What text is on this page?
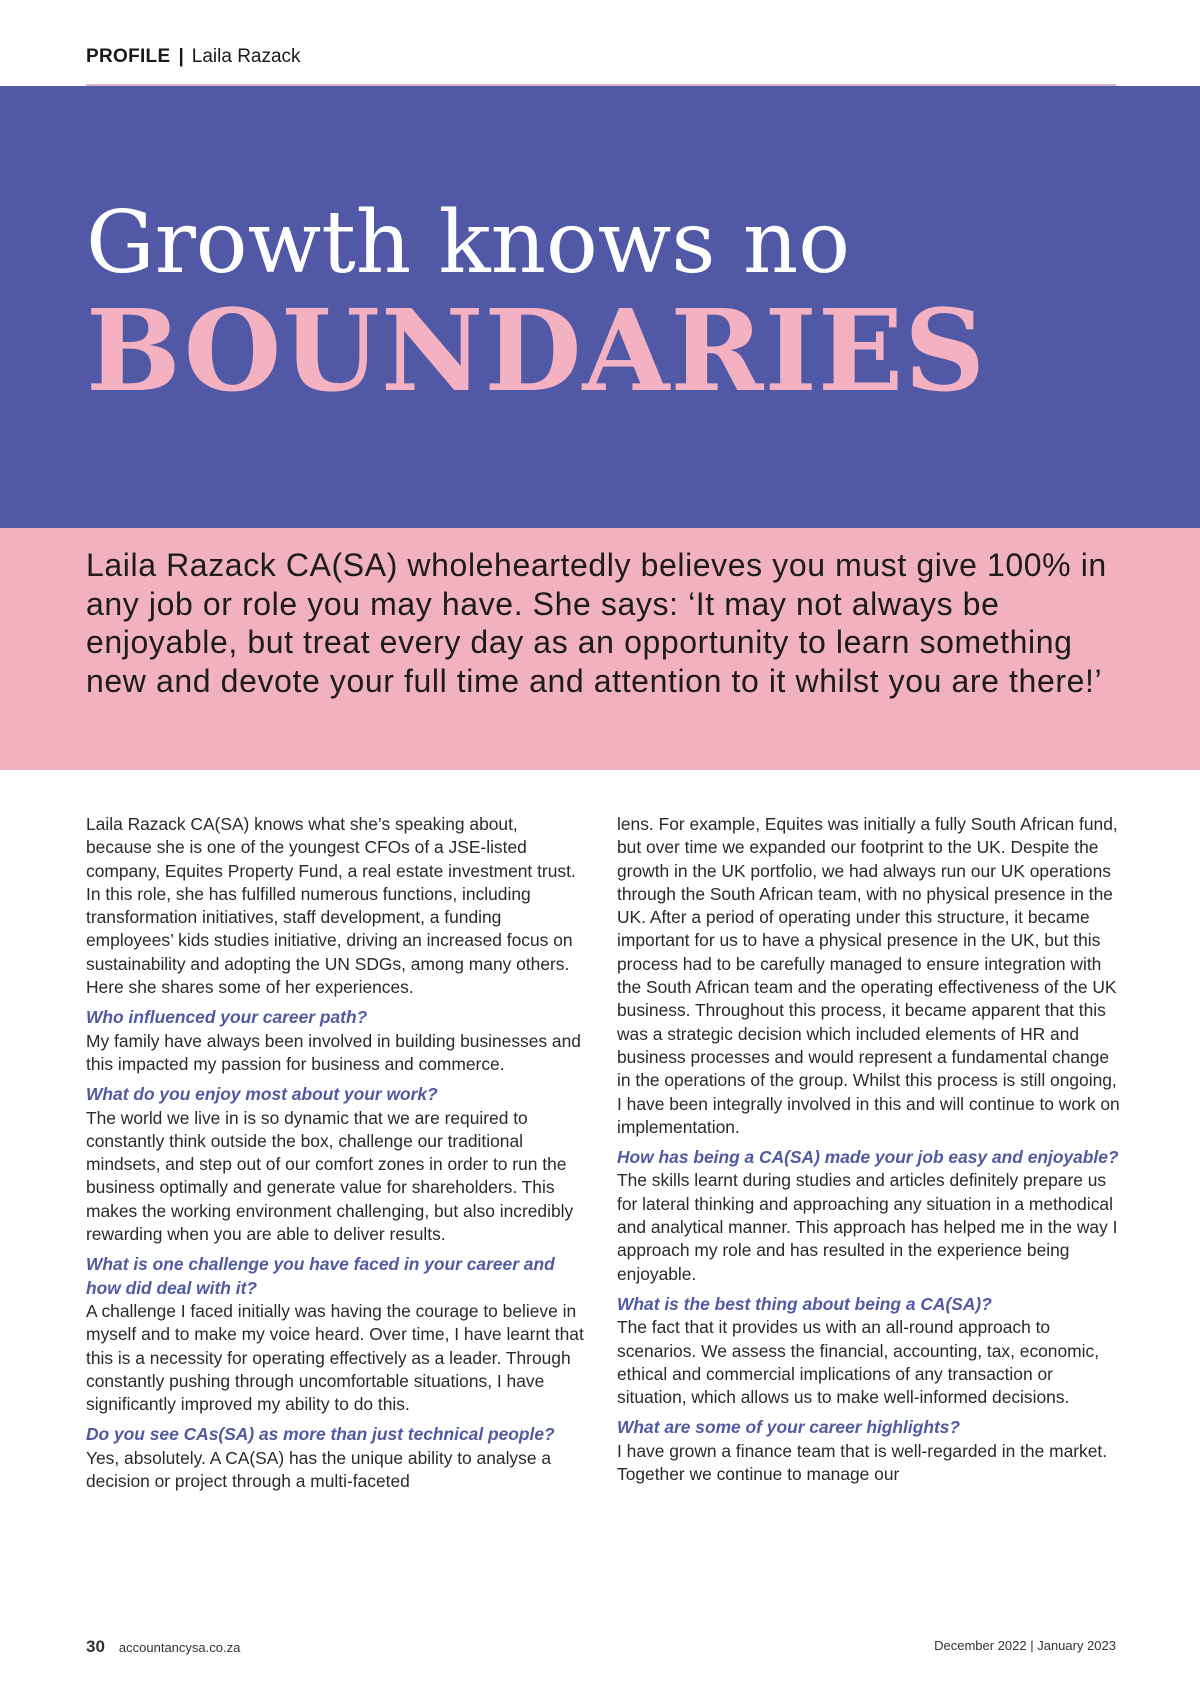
PROFILE | Laila Razack
Growth knows no
BOUNDARIES

Laila Razack CA(SA) wholeheartedly believes you must give 100% in any job or role you may have. She says: ‘It may not always be enjoyable, but treat every day as an opportunity to learn something new and devote your full time and attention to it whilst you are there!’

Laila Razack CA(SA) knows what she’s speaking about, because she is one of the youngest CFOs of a JSE-listed company, Equites Property Fund, a real estate investment trust. In this role, she has fulfilled numerous functions, including transformation initiatives, staff development, a funding employees’ kids studies initiative, driving an increased focus on sustainability and adopting the UN SDGs, among many others. Here she shares some of her experiences.

Who influenced your career path?

My family have always been involved in building businesses and this impacted my passion for business and commerce.

What do you enjoy most about your work?

The world we live in is so dynamic that we are required to constantly think outside the box, challenge our traditional mindsets, and step out of our comfort zones in order to run the business optimally and generate value for shareholders. This makes the working environment challenging, but also incredibly rewarding when you are able to deliver results.

What is one challenge you have faced in your career and how did deal with it?

A challenge I faced initially was having the courage to believe in myself and to make my voice heard. Over time, I have learnt that this is a necessity for operating effectively as a leader. Through constantly pushing through uncomfortable situations, I have significantly improved my ability to do this.

Do you see CAs(SA) as more than just technical people?

Yes, absolutely. A CA(SA) has the unique ability to analyse a decision or project through a multi-faceted

lens. For example, Equites was initially a fully South African fund, but over time we expanded our footprint to the UK. Despite the growth in the UK portfolio, we had always run our UK operations through the South African team, with no physical presence in the UK. After a period of operating under this structure, it became important for us to have a physical presence in the UK, but this process had to be carefully managed to ensure integration with the South African team and the operating effectiveness of the UK business. Throughout this process, it became apparent that this was a strategic decision which included elements of HR and business processes and would represent a fundamental change in the operations of the group. Whilst this process is still ongoing, I have been integrally involved in this and will continue to work on implementation.

How has being a CA(SA) made your job easy and enjoyable?

The skills learnt during studies and articles definitely prepare us for lateral thinking and approaching any situation in a methodical and analytical manner. This approach has helped me in the way I approach my role and has resulted in the experience being enjoyable.

What is the best thing about being a CA(SA)?

The fact that it provides us with an all-round approach to scenarios. We assess the financial, accounting, tax, economic, ethical and commercial implications of any transaction or situation, which allows us to make well-informed decisions.

What are some of your career highlights?

I have grown a finance team that is well-regarded in the market. Together we continue to manage our

30 accountancysa.co.za	December 2022 | January 2023
